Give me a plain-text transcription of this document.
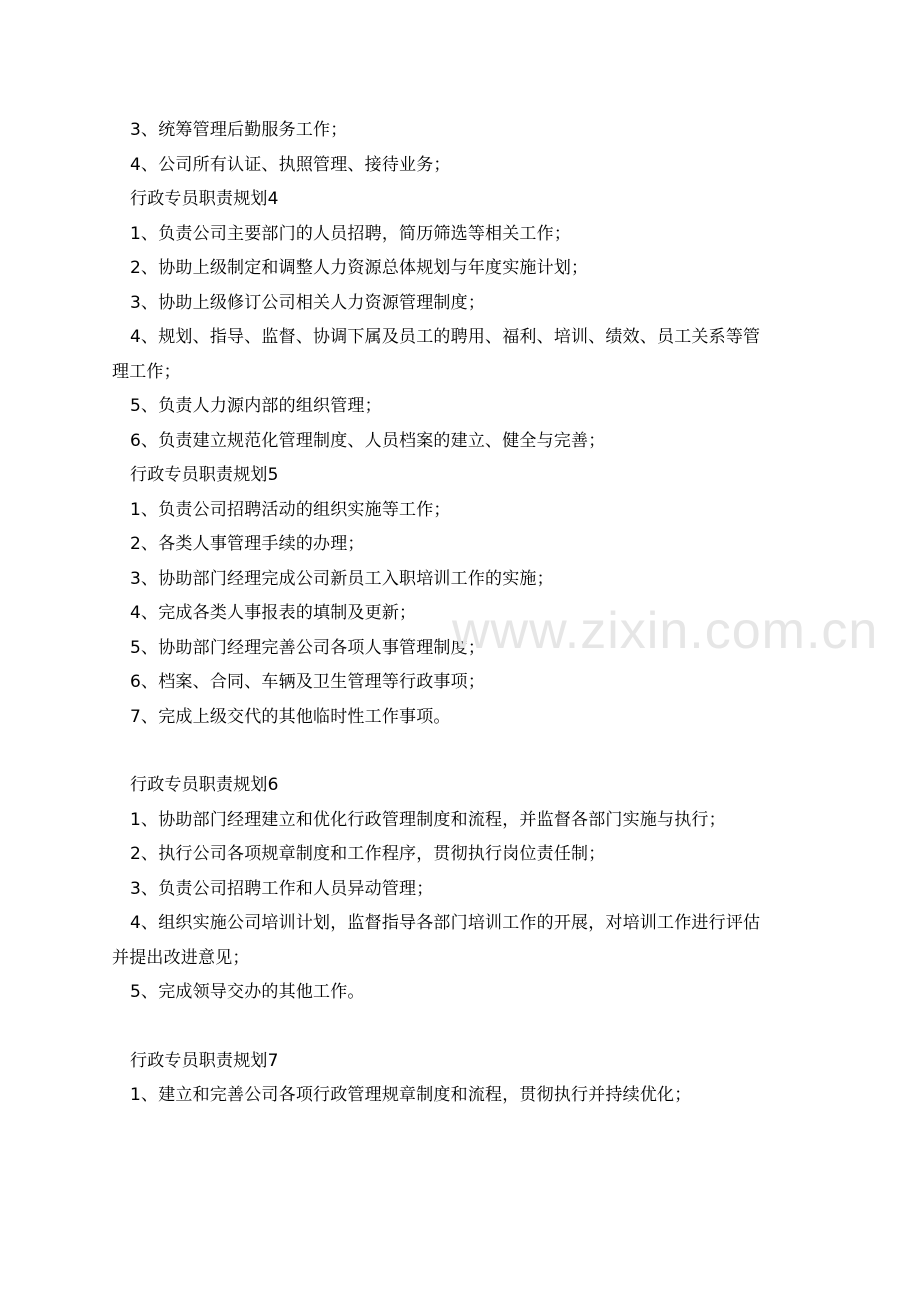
3、统筹管理后勤服务工作；
4、公司所有认证、执照管理、接待业务；
行政专员职责规划4
1、负责公司主要部门的人员招聘，简历筛选等相关工作；
2、协助上级制定和调整人力资源总体规划与年度实施计划；
3、协助上级修订公司相关人力资源管理制度；
4、规划、指导、监督、协调下属及员工的聘用、福利、培训、绩效、员工关系等管
理工作；
5、负责人力源内部的组织管理；
6、负责建立规范化管理制度、人员档案的建立、健全与完善；
行政专员职责规划5
1、负责公司招聘活动的组织实施等工作；
2、各类人事管理手续的办理；
3、协助部门经理完成公司新员工入职培训工作的实施；
4、完成各类人事报表的填制及更新；
5、协助部门经理完善公司各项人事管理制度；
6、档案、合同、车辆及卫生管理等行政事项；
7、完成上级交代的其他临时性工作事项。
行政专员职责规划6
1、协助部门经理建立和优化行政管理制度和流程，并监督各部门实施与执行；
2、执行公司各项规章制度和工作程序，贯彻执行岗位责任制；
3、负责公司招聘工作和人员异动管理；
4、组织实施公司培训计划，监督指导各部门培训工作的开展，对培训工作进行评估
并提出改进意见；
5、完成领导交办的其他工作。
行政专员职责规划7
1、建立和完善公司各项行政管理规章制度和流程，贯彻执行并持续优化；
www.zixin.com.cn
